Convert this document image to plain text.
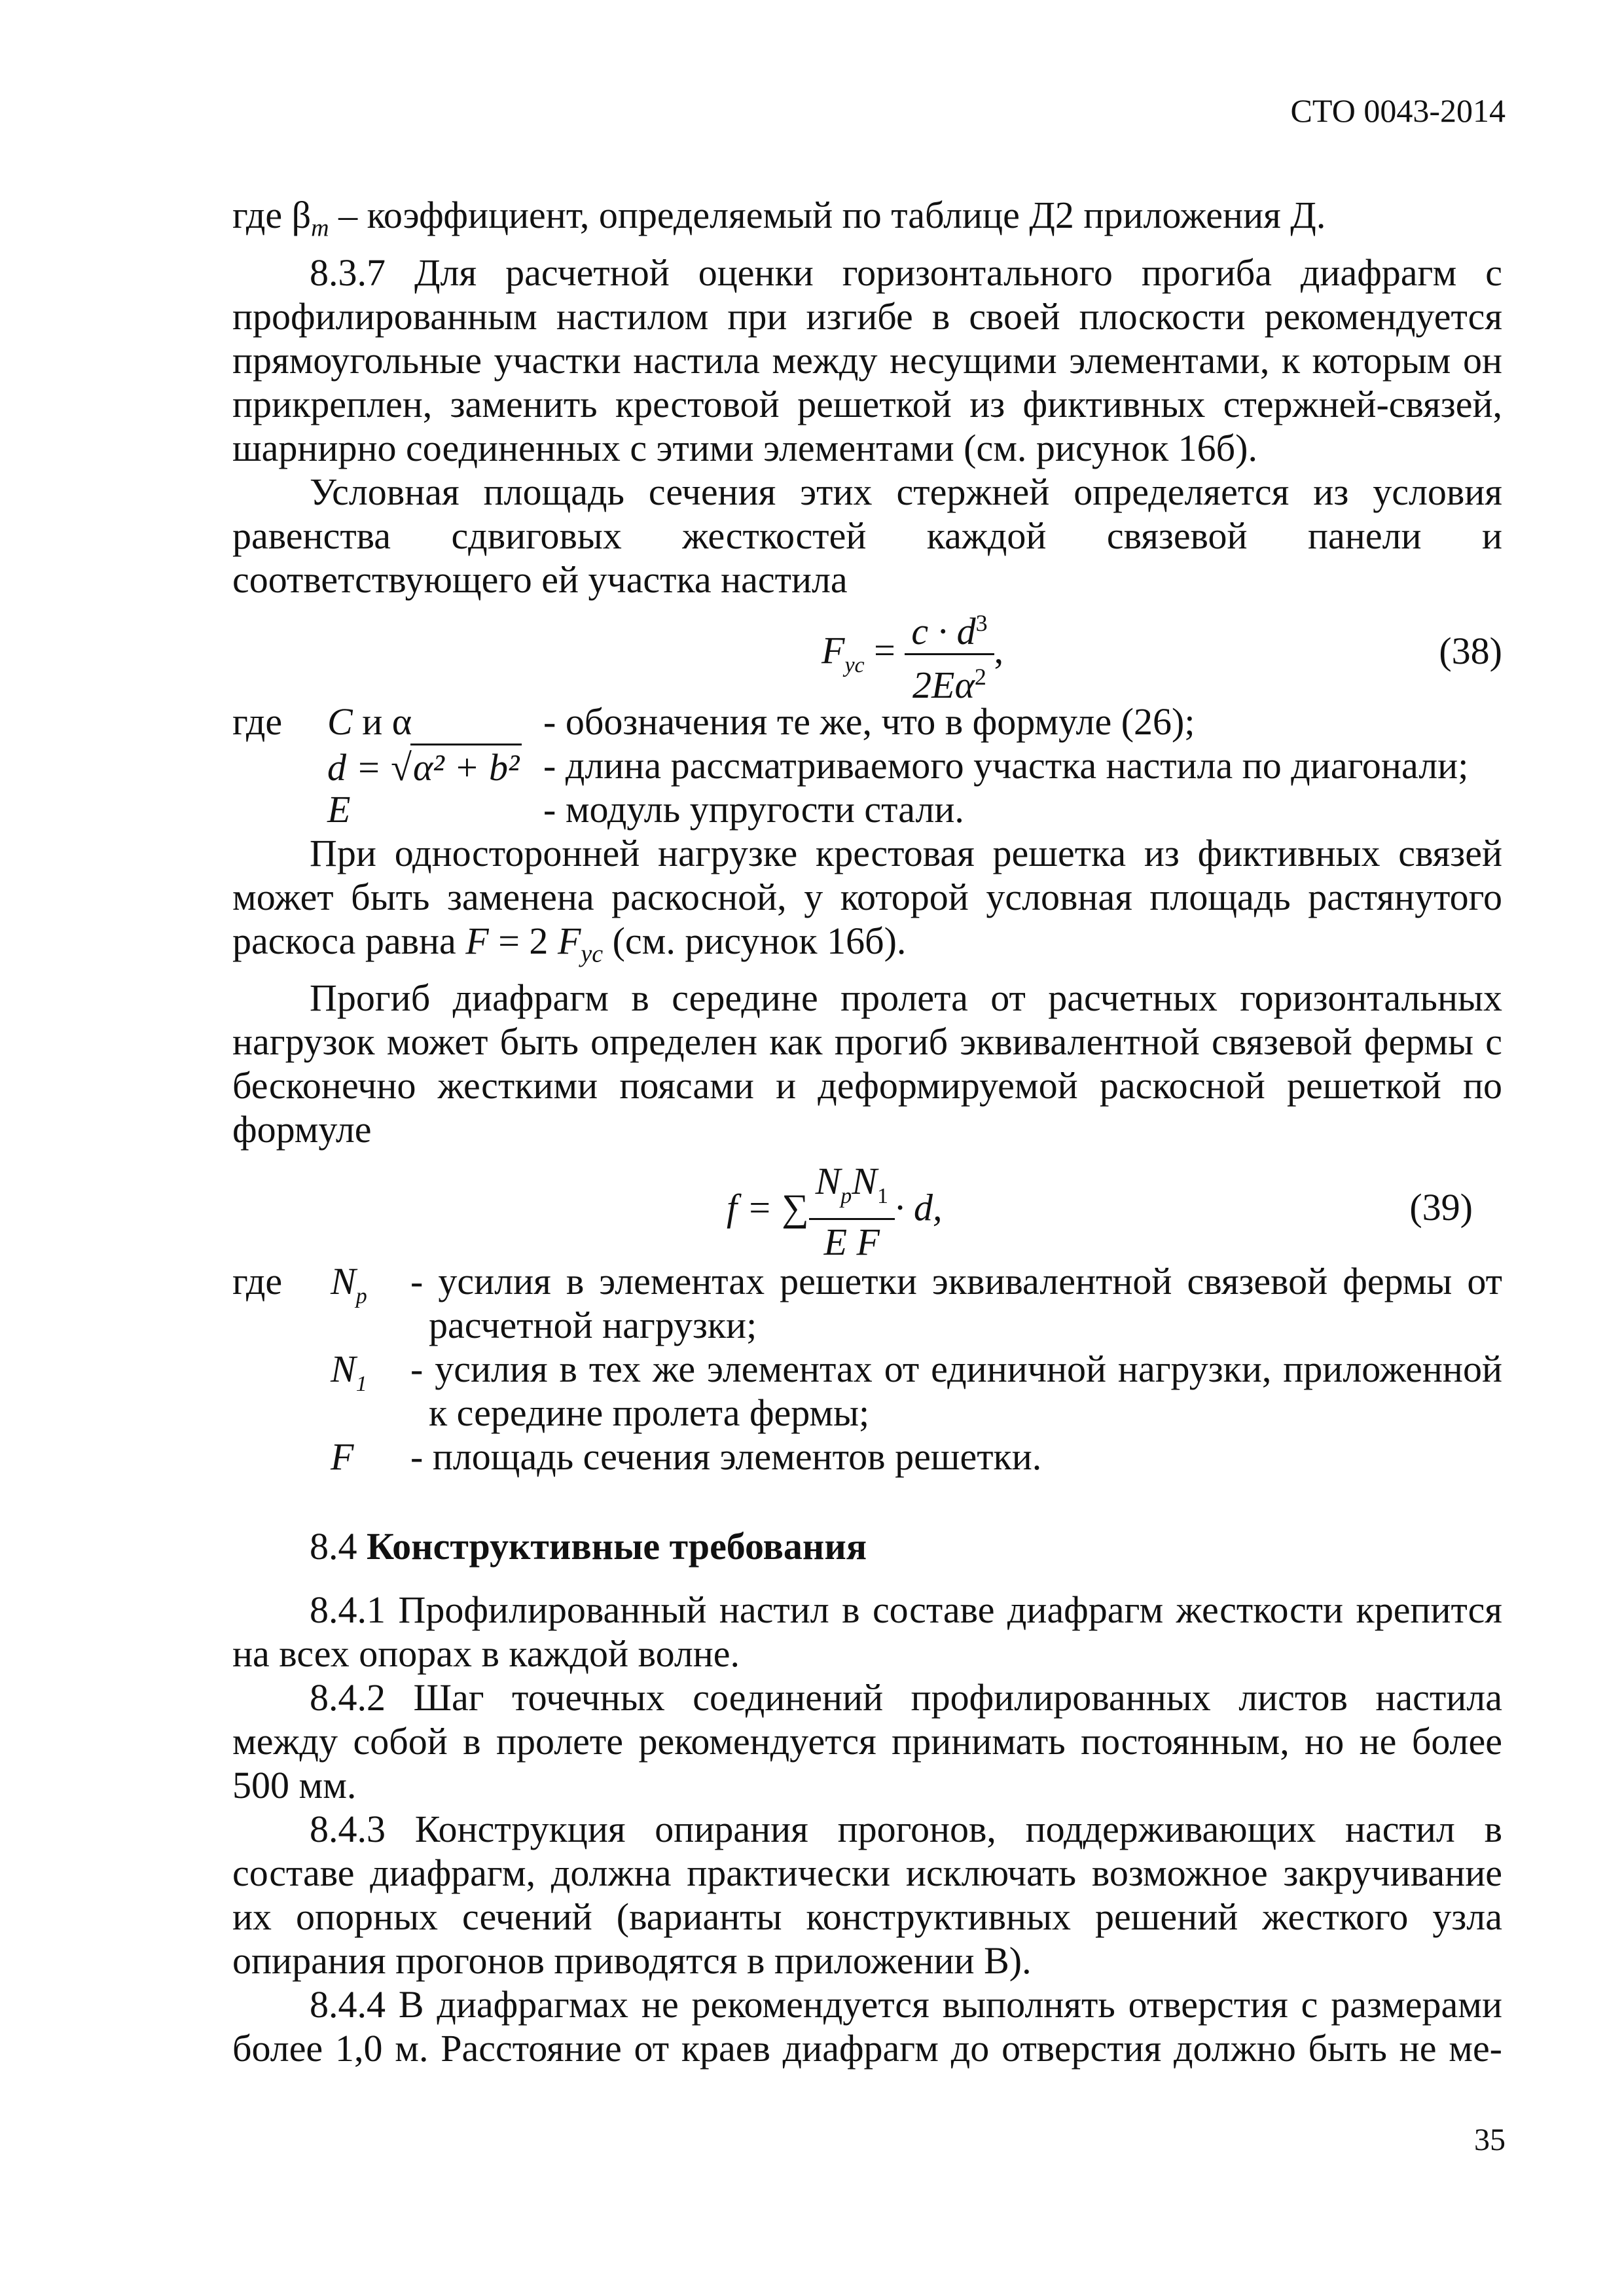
СТО 0043-2014

где $\beta_m$ – коэффициент, определяемый по таблице Д2 приложения Д.

8.3.7 Для расчетной оценки горизонтального прогиба диафрагм с профилированным настилом при изгибе в своей плоскости рекомендуется прямоугольные участки настила между несущими элементами, к которым он прикреплен, заменить крестовой решеткой из фиктивных стержней-связей, шарнирно соединенных с этими элементами (см. рисунок 16б).

Условная площадь сечения этих стержней определяется из условия равенства сдвиговых жесткостей каждой связевой панели и соответствующего ей участка настила

$F_{ус} = \frac{c \cdot d^3}{2E\alpha^2}$ ,	(38)
где C и α	- обозначения те же, что в формуле (26);
d = √α² + b² - длина рассматриваемого участка настила по диагонали;
E	- модуль упругости стали.

При односторонней нагрузке крестовая решетка из фиктивных связей может быть заменена раскосной, у которой условная площадь растянутого раскоса равна F = 2 $F_{ус}$ (см. рисунок 16б).

Прогиб диафрагм в середине пролета от расчетных горизонтальных нагрузок может быть определен как прогиб эквивалентной связевой фермы с бесконечно жесткими поясами и деформируемой раскосной решеткой по формуле

f = ∑ $\frac{N_pN_1}{\text{E F}} \cdot d$,	(39)
где $N_p$ - усилия в элементах решетки эквивалентной связевой фермы от расчетной нагрузки;
$N_1$ - усилия в тех же элементах от единичной нагрузки, приложенной к середине пролета фермы;
F - площадь сечения элементов решетки.

8.4 Конструктивные требования

8.4.1 Профилированный настил в составе диафрагм жесткости крепится на всех опорах в каждой волне.

8.4.2 Шаг точечных соединений профилированных листов настила между собой в пролете рекомендуется принимать постоянным, но не более 500 мм.

8.4.3 Конструкция опирания прогонов, поддерживающих настил в составе диафрагм, должна практически исключать возможное закручивание их опорных сечений (варианты конструктивных решений жесткого узла опирания прогонов приводятся в приложении В).

8.4.4 В диафрагмах не рекомендуется выполнять отверстия с размерами более 1,0 м. Расстояние от краев диафрагм до отверстия должно быть не ме-

35
